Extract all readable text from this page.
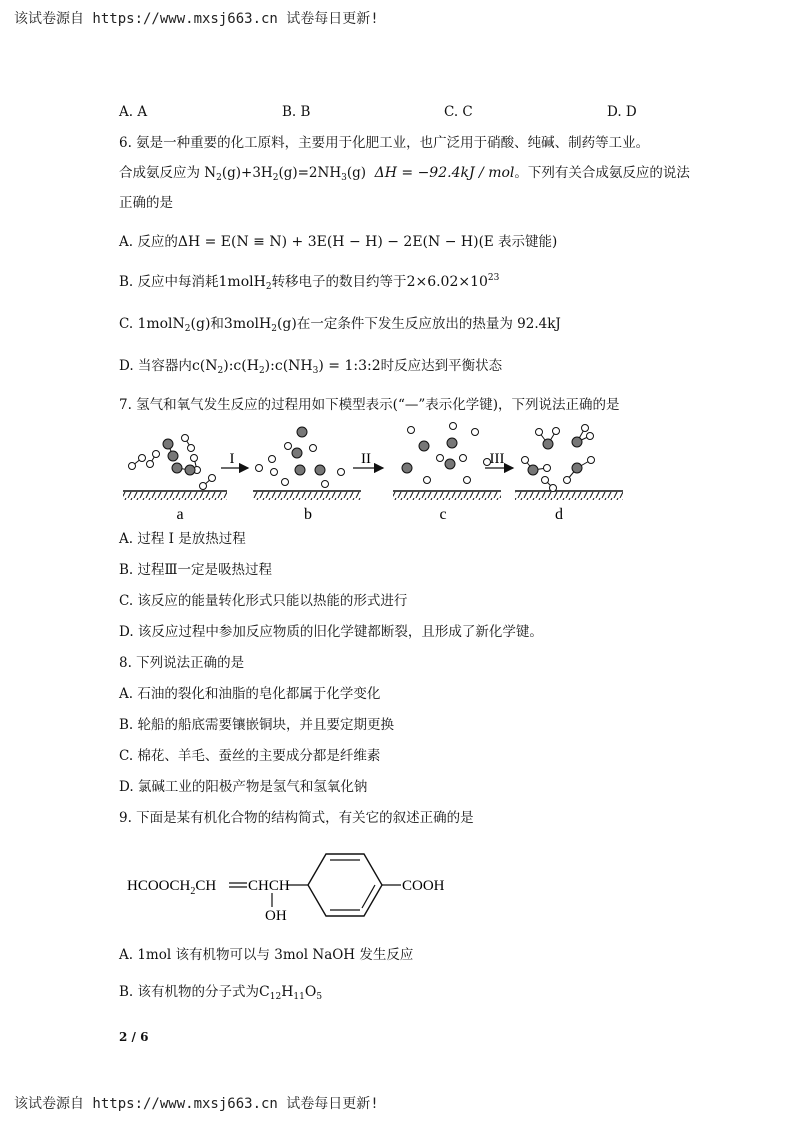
该试卷源自 https://www.mxsj663.cn 试卷每日更新!
A. A	B. B	C. C	D. D
6. 氨是一种重要的化工原料，主要用于化肥工业，也广泛用于硝酸、纯碱、制药等工业。
合成氨反应为 $N_2(g)+3H_2(g)=2NH_3(g) \Delta H = -92.4kJ$ / mol。下列有关合成氨反应的说法
正确的是
A. 反应的ΔH = E(N ≡ N) + 3E(H − H) − 2E(N − H)(E 表示键能)
B. 反应中每消耗1molH$_2$转移电子的数目约等于$2\times 6.02\times 10^{23}$
C. 1molN$_2$(g)和3molH$_2$(g)在一定条件下发生反应放出的热量为 92.4kJ
D. 当容器内$c(N_2):c(H_2):c(NH_3)$ = 1:3:2时反应达到平衡状态
7. 氢气和氧气发生反应的过程用如下模型表示(“—”表示化学键)，下列说法正确的是
I
a
II
b
III
c	d
A. 过程 I 是放热过程
B. 过程Ⅲ一定是吸热过程
C. 该反应的能量转化形式只能以热能的形式进行
D. 该反应过程中参加反应物质的旧化学键都断裂，且形成了新化学键。
8. 下列说法正确的是
A. 石油的裂化和油脂的皂化都属于化学变化
B. 轮船的船底需要镶嵌铜块，并且要定期更换
C. 棉花、羊毛、蚕丝的主要成分都是纤维素
D. 氯碱工业的阳极产物是氢气和氢氧化钠
9. 下面是某有机化合物的结构简式，有关它的叙述正确的是
$HCOOCH_2CH$ CHCH
OH
COOH
A. 1mol 该有机物可以与 3mol NaOH 发生反应
B. 该有机物的分子式为$C_{12}H_{11}O_5$
2 / 6
该试卷源自 https://www.mxsj663.cn 试卷每日更新!
